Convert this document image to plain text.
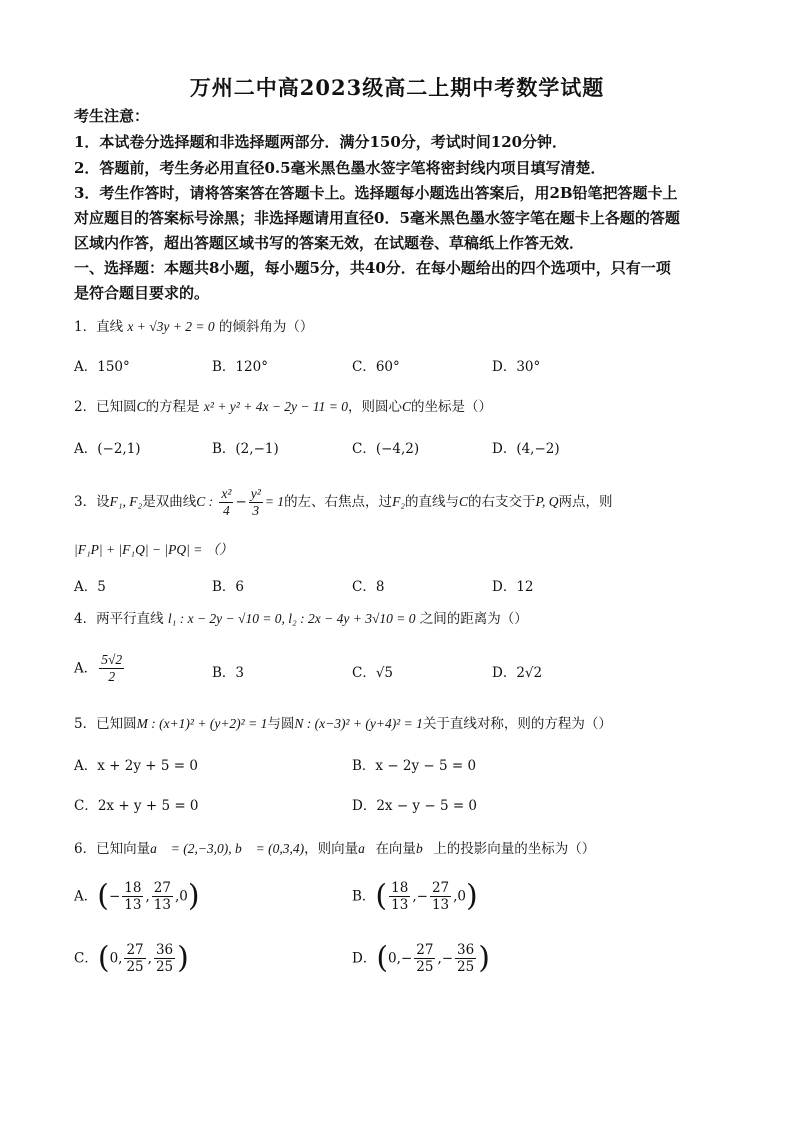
万州二中高2023级高二上期中考数学试题
考生注意：
1．本试卷分选择题和非选择题两部分．满分150分，考试时间120分钟．
2．答题前，考生务必用直径0.5毫米黑色墨水签字笔将密封线内项目填写清楚．
3．考生作答时，请将答案答在答题卡上。选择题每小题选出答案后，用2B铅笔把答题卡上
对应题目的答案标号涂黑；非选择题请用直径0．5毫米黑色墨水签字笔在题卡上各题的答题
区域内作答，超出答题区域书写的答案无效，在试题卷、草稿纸上作答无效．
一、选择题：本题共8小题，每小题5分，共40分．在每小题给出的四个选项中，只有一项
是符合题目要求的。
1．直线 x + √3y + 2 = 0 的倾斜角为（）
A．150°	B．120°	C．60°	D．30°
2．已知圆C的方程是 x² + y² + 4x − 2y − 11 = 0，则圆心C的坐标是（）
A．(−2,1)	B．(2,−1)	C．(−4,2)	D．(4,−2)
3．设F₁, F₂是双曲线C : $\frac{\text{x²}}{4} - \frac{\text{y²}}{3} = 1$的左、右焦点，过F₂的直线与C的右支交于P, Q两点，则
|F₁P| + |F₁Q| − |PQ| = （）
A．5	B．6	C．8	D．12
4．两平行直线 l₁ : x − 2y − √10 = 0, l₂ : 2x − 4y + 3√10 = 0 之间的距离为（）
A． $\frac{5√2}{2}$	B．3	C．√5	D．2√2
5．已知圆M : (x+1)² + (y+2)² = 1与圆N : (x−3)² + (y+4)² = 1关于直线对称，则的方程为（）
A．x + 2y + 5 = 0	B．x − 2y − 5 = 0
C．2x + y + 5 = 0	D．2x − y − 5 = 0
6．已知向量a⃗ = (2,−3,0), b⃗ = (0,3,4)，则向量a⃗在向量b⃗上的投影向量的坐标为（）
A．(− $\frac{18}{13}$ , $\frac{27}{13} ,0$)	B．( $\frac{18}{13}$ ,− $\frac{27}{13} ,0$)
C．(0, $\frac{27}{25}$ , $\frac{36}{25}$ )	D．($0,- \frac{27}{25}$ ,− $\frac{36}{25}$ )
